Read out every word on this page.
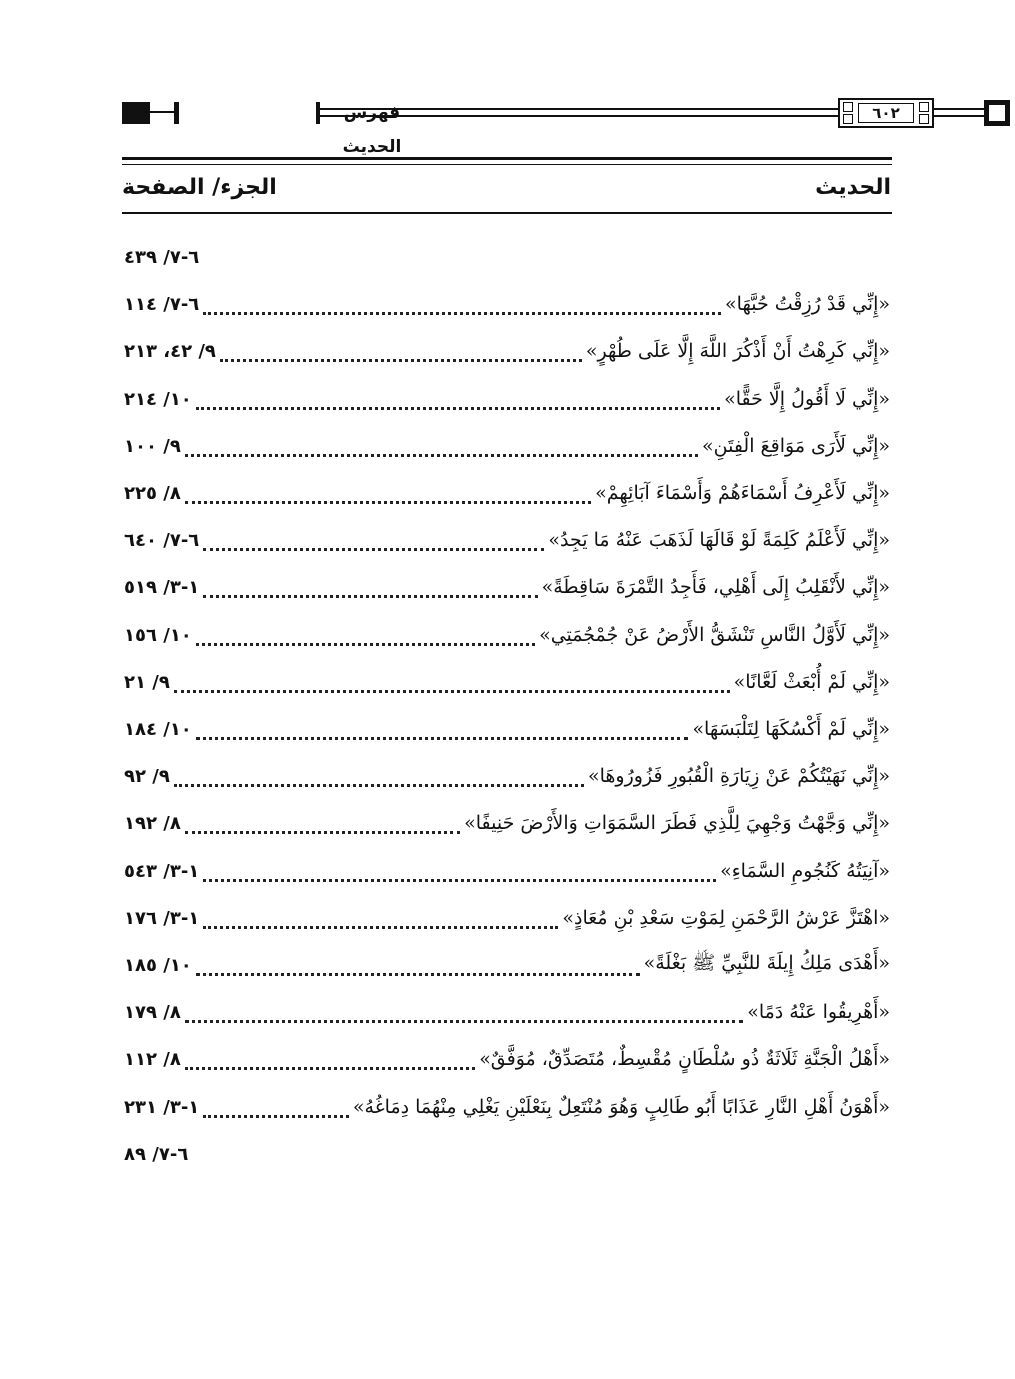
فهرس الحديث
٦٠٢
الحديث
الجزء/ الصفحة
٦-٧/ ٤٣٩
«إِنِّي قَدْ رُزِقْتُ حُبَّهَا»
٦-٧/ ١١٤
«إِنِّي كَرِهْتُ أَنْ أَذْكُرَ اللَّهَ إِلَّا عَلَى طُهْرٍ»
٩/ ٤٢، ٢١٣
«إِنِّي لَا أَقُولُ إِلَّا حَقًّا»
١٠/ ٢١٤
«إِنِّي لَأَرَى مَوَاقِعَ الْفِتَنِ»
٩/ ١٠٠
«إِنِّي لَأَعْرِفُ أَسْمَاءَهُمْ وَأَسْمَاءَ آبَائِهِمْ»
٨/ ٢٢٥
«إِنِّي لَأَعْلَمُ كَلِمَةً لَوْ قَالَهَا لَذَهَبَ عَنْهُ مَا يَجِدُ»
٦-٧/ ٦٤٠
«إِنِّي لأَنْقَلِبُ إِلَى أَهْلِي، فَأَجِدُ التَّمْرَةَ سَاقِطَةً»
١-٣/ ٥١٩
«إِنِّي لَأَوَّلُ النَّاسِ تَنْشَقُّ الأَرْضُ عَنْ جُمْجُمَتِي»
١٠/ ١٥٦
«إِنِّي لَمْ أُبْعَثْ لَعَّانًا»
٩/ ٢١
«إِنِّي لَمْ أَكْسُكَهَا لِتَلْبَسَهَا»
١٠/ ١٨٤
«إِنِّي نَهَيْتُكُمْ عَنْ زِيَارَةِ الْقُبُورِ فَزُورُوهَا»
٩/ ٩٢
«إِنِّي وَجَّهْتُ وَجْهِيَ لِلَّذِي فَطَرَ السَّمَوَاتِ وَالأَرْضَ حَنِيفًا»
٨/ ١٩٢
«آنِيَتُهُ كَنُجُومِ السَّمَاءِ»
١-٣/ ٥٤٣
«اهْتَزَّ عَرْشُ الرَّحْمَنِ لِمَوْتِ سَعْدِ بْنِ مُعَاذٍ»
١-٣/ ١٧٦
«أَهْدَى مَلِكُ إِيلَةَ للنَّبِيِّ ﷺ بَغْلَةً»
١٠/ ١٨٥
«أَهْرِيقُوا عَنْهُ دَمًا»
٨/ ١٧٩
«أَهْلُ الْجَنَّةِ ثَلَاثَةٌ ذُو سُلْطَانٍ مُقْسِطٌ، مُتَصَدِّقٌ، مُوَفَّقٌ»
٨/ ١١٢
«أَهْوَنُ أَهْلِ النَّارِ عَذَابًا أَبُو طَالِبٍ وَهُوَ مُنْتَعِلٌ بِنَعْلَيْنِ يَغْلِي مِنْهُمَا دِمَاغُهُ»
١-٣/ ٢٣١
٦-٧/ ٨٩
